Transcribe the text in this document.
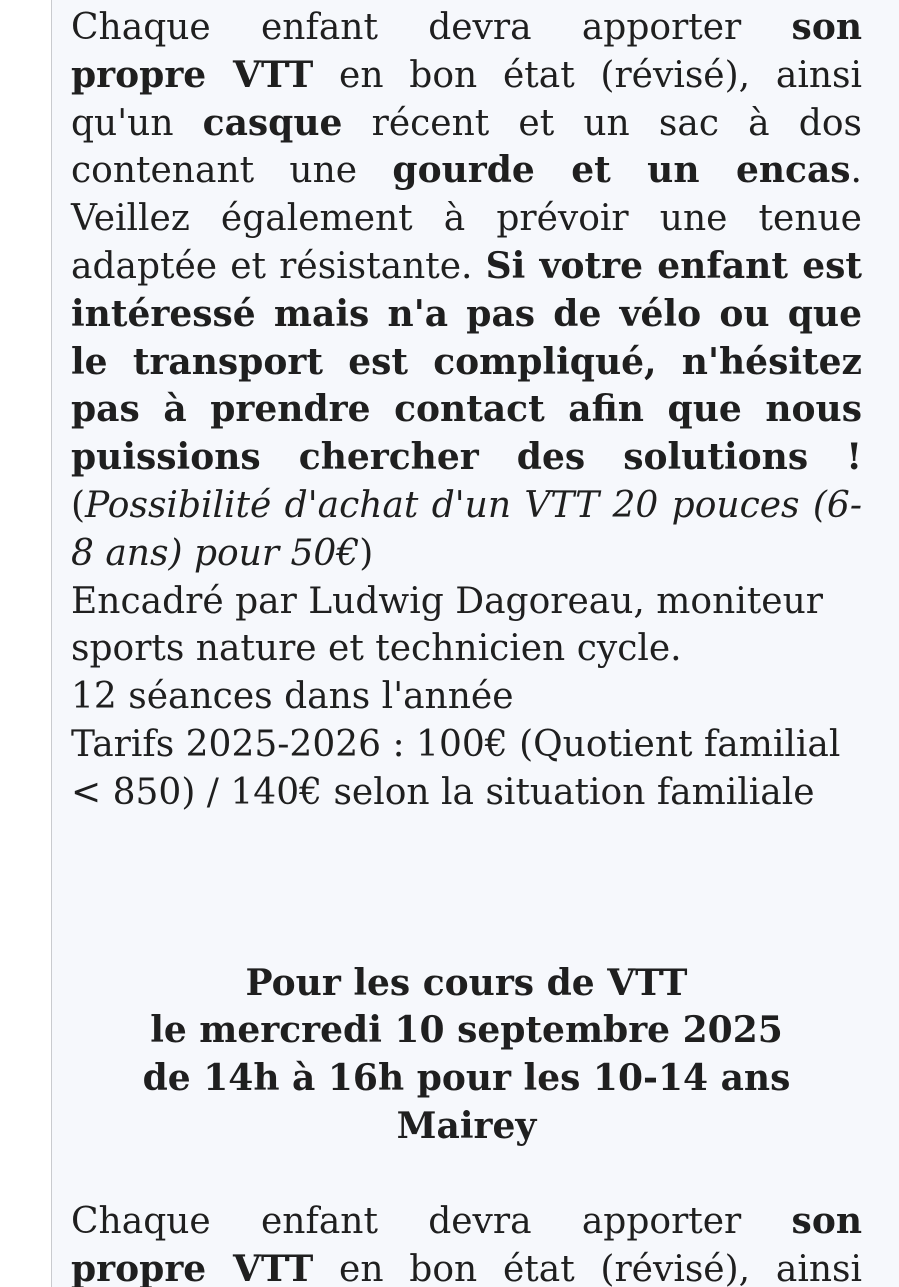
Chaque enfant devra apporter son
propre VTT en bon état (révisé), ainsi
qu'un casque récent et un sac à dos
contenant une gourde et un encas.
Veillez également à prévoir une tenue
adaptée et résistante. Si votre enfant est
intéressé mais n'a pas de vélo ou que
le transport est compliqué, n'hésitez
pas à prendre contact afin que nous
puissions chercher des solutions !
(Possibilité d'achat d'un VTT 20 pouces (6-
8 ans) pour 50€)
Encadré par Ludwig Dagoreau, moniteur
sports nature et technicien cycle.
12 séances dans l'année
Tarifs 2025-2026 : 100€ (Quotient familial
< 850) / 140€ selon la situation familiale
Pour les cours de VTT
le mercredi 10 septembre 2025
de 14h à 16h pour les 10-14 ans
Mairey
Chaque enfant devra apporter son
propre VTT en bon état (révisé), ainsi
